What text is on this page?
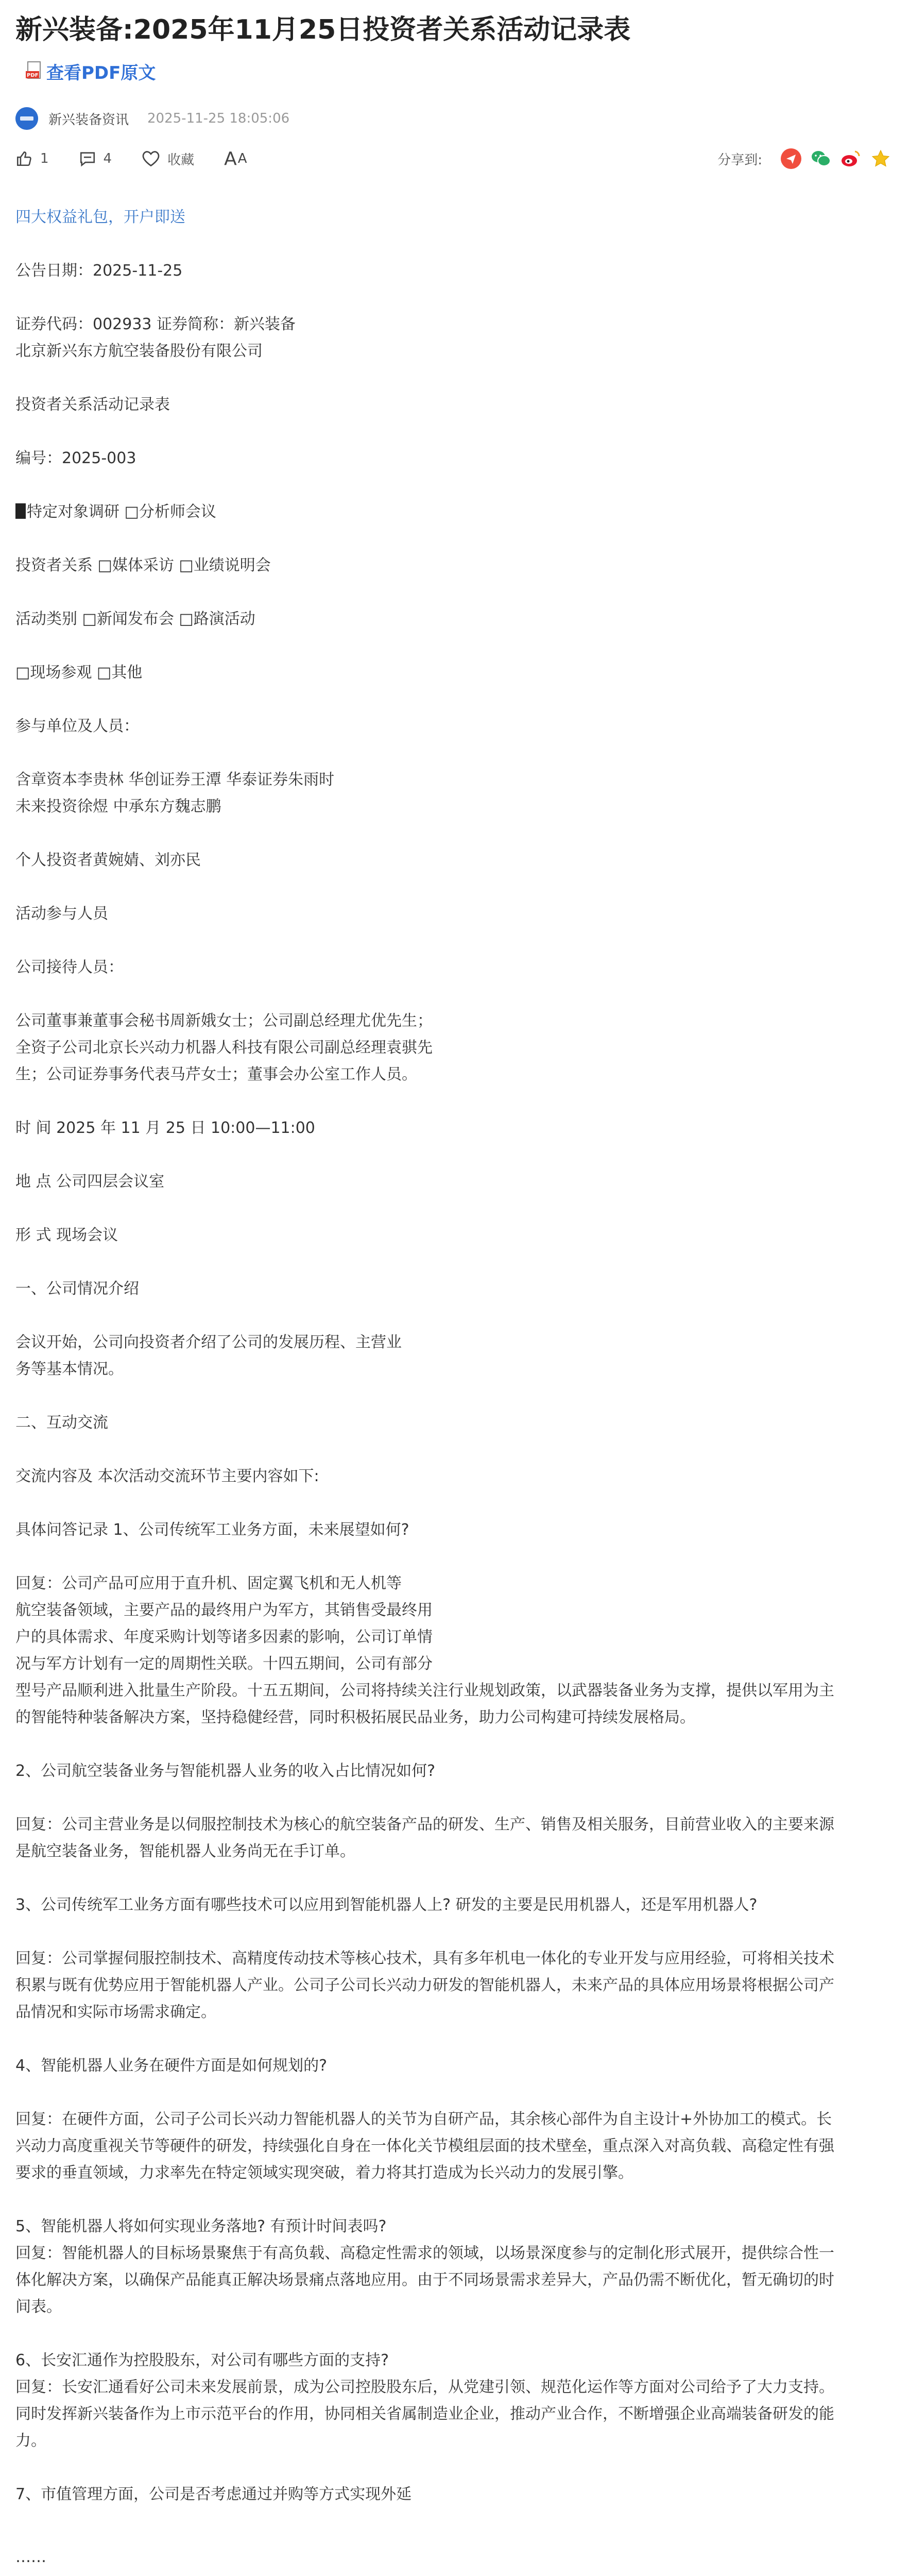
新兴装备:2025年11月25日投资者关系活动记录表
PDF 查看PDF原文
新兴装备资讯 2025-11-25 18:05:06
1	4	收藏 A A	分享到:
四大权益礼包，开户即送

公告日期：2025-11-25

证券代码：002933 证券简称：新兴装备
北京新兴东方航空装备股份有限公司

投资者关系活动记录表

编号：2025-003

特定对象调研 □分析师会议

投资者关系 □媒体采访 □业绩说明会

活动类别 □新闻发布会 □路演活动

□现场参观 □其他

参与单位及人员：

含章资本李贵林 华创证券王潭 华泰证券朱雨时
未来投资徐煜 中承东方魏志鹏

个人投资者黄婉婧、刘亦民

活动参与人员

公司接待人员：

公司董事兼董事会秘书周新娥女士；公司副总经理尤优先生；
全资子公司北京长兴动力机器人科技有限公司副总经理袁骐先
生；公司证券事务代表马芹女士；董事会办公室工作人员。

时 间 2025 年 11 月 25 日 10:00—11:00

地 点 公司四层会议室

形 式 现场会议

一、公司情况介绍

会议开始，公司向投资者介绍了公司的发展历程、主营业
务等基本情况。

二、互动交流

交流内容及 本次活动交流环节主要内容如下:

具体问答记录 1、公司传统军工业务方面，未来展望如何?

回复：公司产品可应用于直升机、固定翼飞机和无人机等
航空装备领域，主要产品的最终用户为军方，其销售受最终用
户的具体需求、年度采购计划等诸多因素的影响，公司订单情
况与军方计划有一定的周期性关联。十四五期间，公司有部分
型号产品顺利进入批量生产阶段。十五五期间，公司将持续关注行业规划政策，以武器装备业务为支撑，提供以军用为主
的智能特种装备解决方案，坚持稳健经营，同时积极拓展民品业务，助力公司构建可持续发展格局。

2、公司航空装备业务与智能机器人业务的收入占比情况如何?

回复：公司主营业务是以伺服控制技术为核心的航空装备产品的研发、生产、销售及相关服务，目前营业收入的主要来源
是航空装备业务，智能机器人业务尚无在手订单。

3、公司传统军工业务方面有哪些技术可以应用到智能机器人上? 研发的主要是民用机器人，还是军用机器人?

回复：公司掌握伺服控制技术、高精度传动技术等核心技术，具有多年机电一体化的专业开发与应用经验，可将相关技术
积累与既有优势应用于智能机器人产业。公司子公司长兴动力研发的智能机器人，未来产品的具体应用场景将根据公司产
品情况和实际市场需求确定。

4、智能机器人业务在硬件方面是如何规划的?

回复：在硬件方面，公司子公司长兴动力智能机器人的关节为自研产品，其余核心部件为自主设计+外协加工的模式。长
兴动力高度重视关节等硬件的研发，持续强化自身在一体化关节模组层面的技术壁垒，重点深入对高负载、高稳定性有强
要求的垂直领域，力求率先在特定领域实现突破，着力将其打造成为长兴动力的发展引擎。

5、智能机器人将如何实现业务落地? 有预计时间表吗?
回复：智能机器人的目标场景聚焦于有高负载、高稳定性需求的领域，以场景深度参与的定制化形式展开，提供综合性一
体化解决方案，以确保产品能真正解决场景痛点落地应用。由于不同场景需求差异大，产品仍需不断优化，暂无确切的时
间表。

6、长安汇通作为控股股东，对公司有哪些方面的支持?
回复：长安汇通看好公司未来发展前景，成为公司控股股东后，从党建引领、规范化运作等方面对公司给予了大力支持。
同时发挥新兴装备作为上市示范平台的作用，协同相关省属制造业企业，推动产业合作，不断增强企业高端装备研发的能
力。

7、市值管理方面，公司是否考虑通过并购等方式实现外延

……
